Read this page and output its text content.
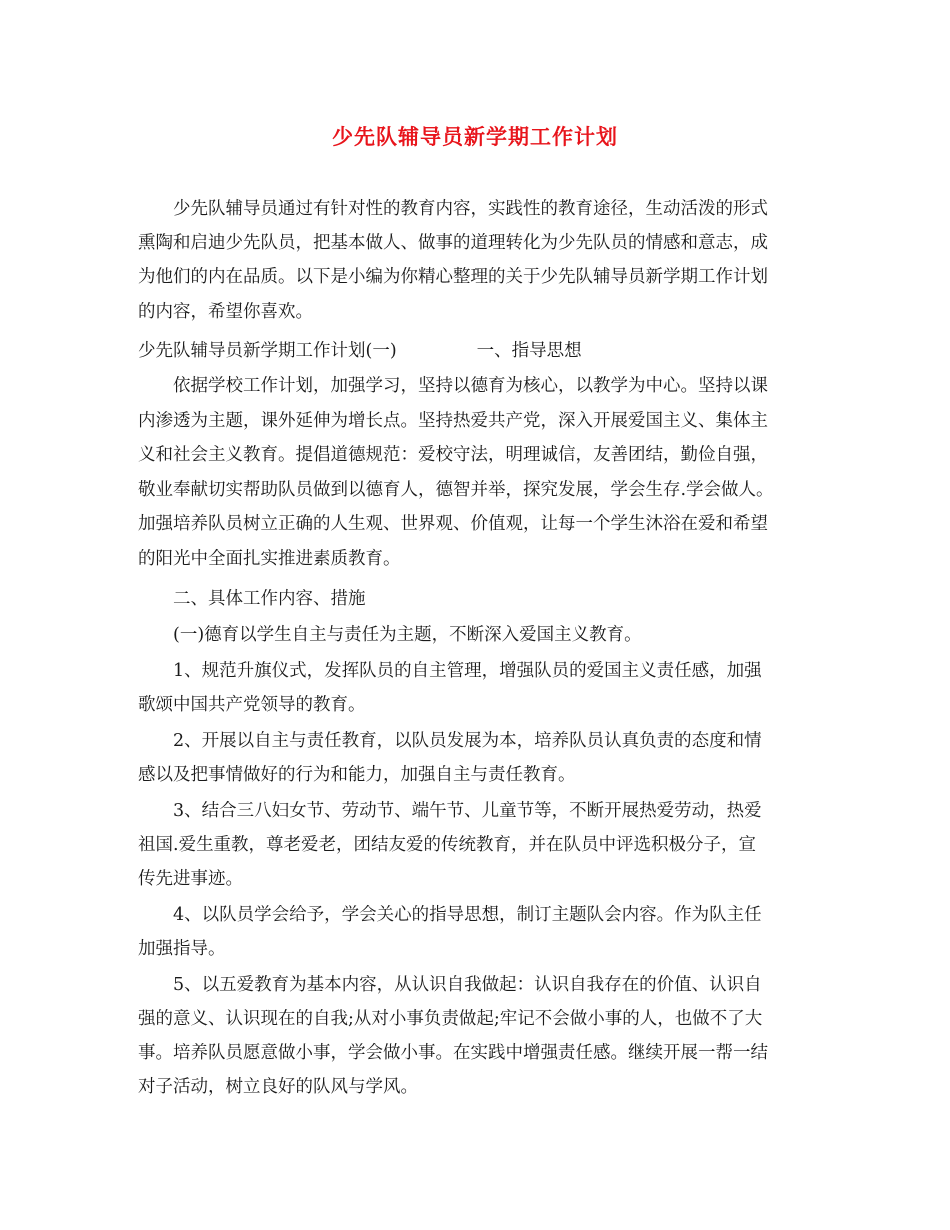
少先队辅导员新学期工作计划
少先队辅导员通过有针对性的教育内容，实践性的教育途径，生动活泼的形式
熏陶和启迪少先队员，把基本做人、做事的道理转化为少先队员的情感和意志，成
为他们的内在品质。以下是小编为你精心整理的关于少先队辅导员新学期工作计划
的内容，希望你喜欢。
少先队辅导员新学期工作计划(一)	一、指导思想
依据学校工作计划，加强学习，坚持以德育为核心，以教学为中心。坚持以课
内渗透为主题，课外延伸为增长点。坚持热爱共产党，深入开展爱国主义、集体主
义和社会主义教育。提倡道德规范：爱校守法，明理诚信，友善团结，勤俭自强，
敬业奉献切实帮助队员做到以德育人，德智并举，探究发展，学会生存.学会做人。
加强培养队员树立正确的人生观、世界观、价值观，让每一个学生沐浴在爱和希望
的阳光中全面扎实推进素质教育。
二、具体工作内容、措施
(一)德育以学生自主与责任为主题，不断深入爱国主义教育。
1、规范升旗仪式，发挥队员的自主管理，增强队员的爱国主义责任感，加强
歌颂中国共产党领导的教育。
2、开展以自主与责任教育，以队员发展为本，培养队员认真负责的态度和情
感以及把事情做好的行为和能力，加强自主与责任教育。
3、结合三八妇女节、劳动节、端午节、儿童节等，不断开展热爱劳动，热爱
祖国.爱生重教，尊老爱老，团结友爱的传统教育，并在队员中评选积极分子，宣
传先进事迹。
4、以队员学会给予，学会关心的指导思想，制订主题队会内容。作为队主任
加强指导。
5、以五爱教育为基本内容，从认识自我做起：认识自我存在的价值、认识自
强的意义、认识现在的自我;从对小事负责做起;牢记不会做小事的人，也做不了大
事。培养队员愿意做小事，学会做小事。在实践中增强责任感。继续开展一帮一结
对子活动，树立良好的队风与学风。
